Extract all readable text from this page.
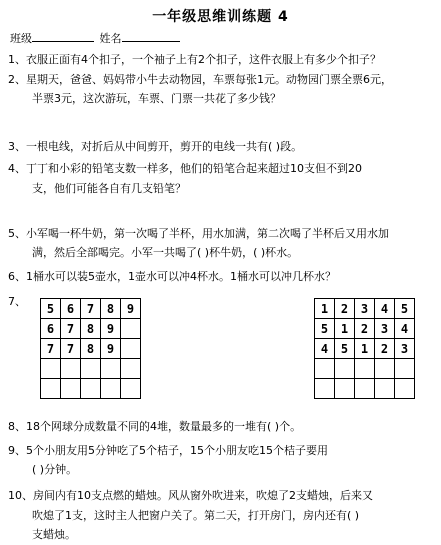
一年级思维训练题 4
班级	姓名
1、衣服正面有4个扣子，一个袖子上有2个扣子，这件衣服上有多少个扣子？
2、星期天，爸爸、妈妈带小牛去动物园，车票每张1元。动物园门票全票6元，
半票3元，这次游玩，车票、门票一共花了多少钱？
3、一根电线，对折后从中间剪开，剪开的电线一共有( )段。
4、丁丁和小彩的铅笔支数一样多，他们的铅笔合起来超过10支但不到20
支，他们可能各自有几支铅笔？
5、小军喝一杯牛奶，第一次喝了半杯，用水加满，第二次喝了半杯后又用水加
满，然后全部喝完。小军一共喝了( )杯牛奶，( )杯水。
6、1桶水可以装5壶水，1壶水可以冲4杯水。1桶水可以冲几杯水？
7、 5	6	7	8	9
6	7	8	9	
7	7	8	9	

1	2	3	4	5
5	1	2	3	4
4	5	1	2	3

8、18个网球分成数量不同的4堆，数量最多的一堆有( )个。
9、5个小朋友用5分钟吃了5个桔子，15个小朋友吃15个桔子要用
( )分钟。
10、房间内有10支点燃的蜡烛。风从窗外吹进来，吹熄了2支蜡烛，后来又
吹熄了1支，这时主人把窗户关了。第二天，打开房门，房内还有( )
支蜡烛。
